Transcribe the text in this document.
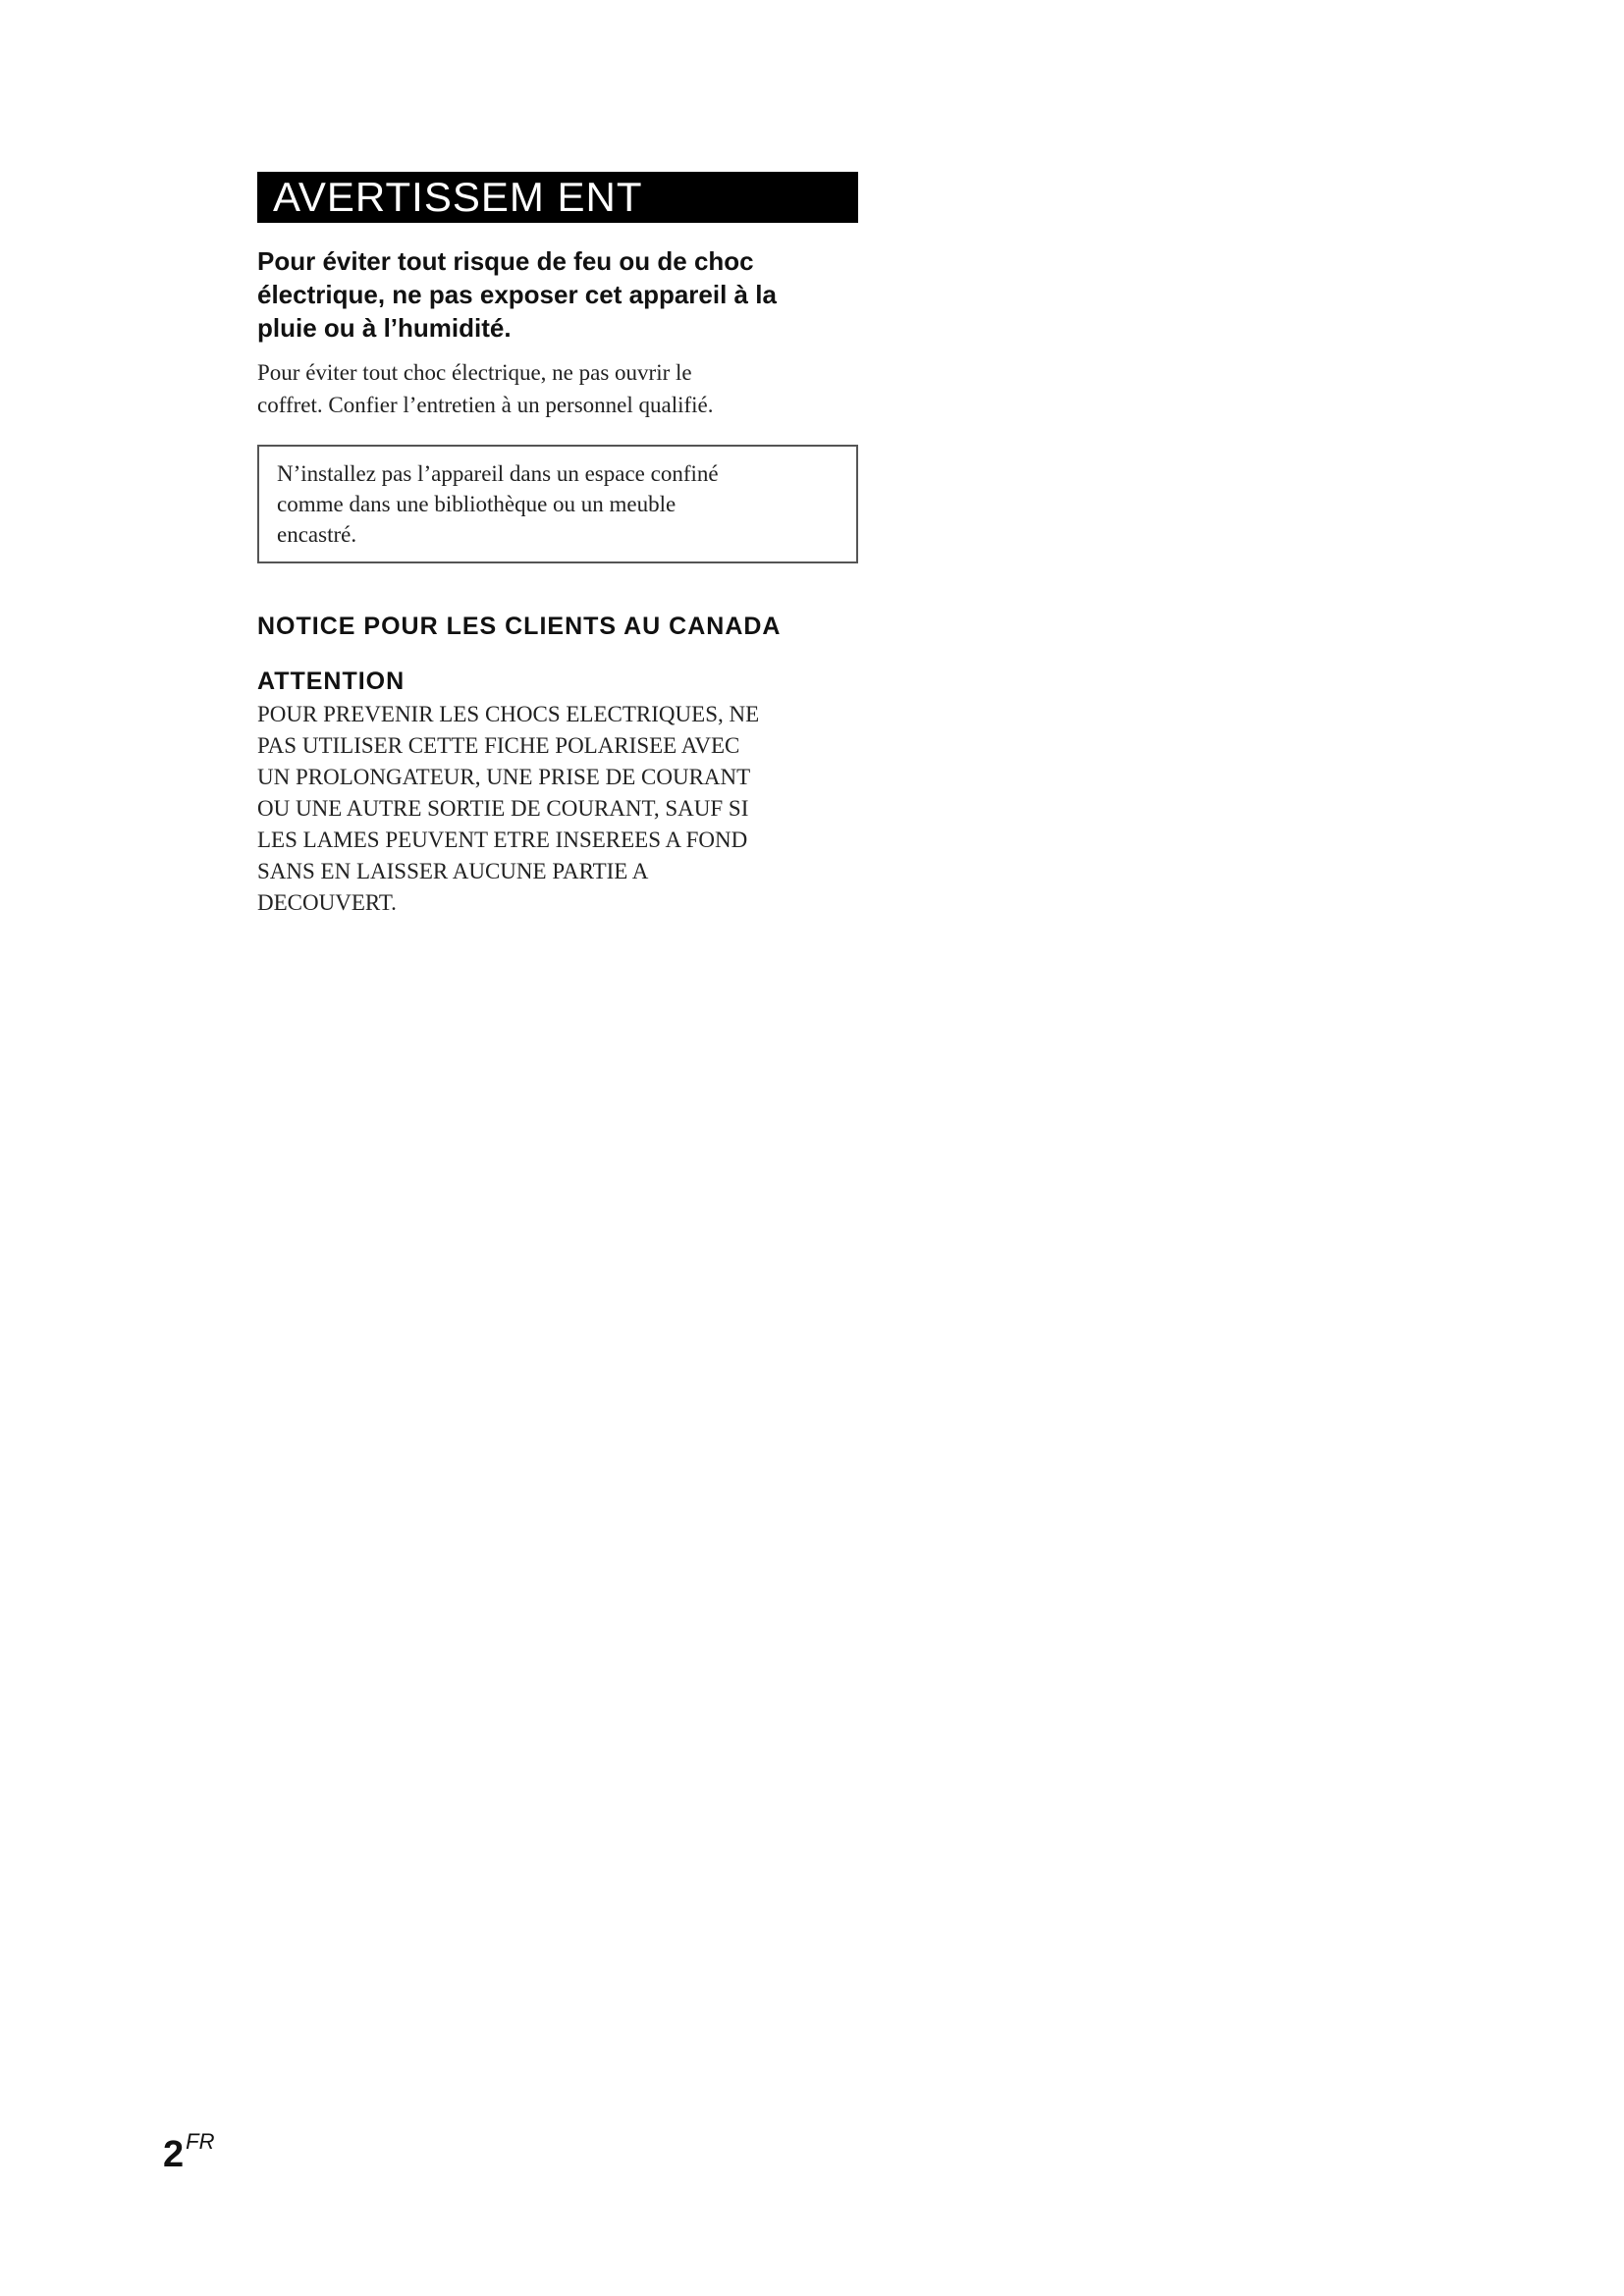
AVERTISSEM ENT
Pour éviter tout risque de feu ou de choc
électrique, ne pas exposer cet appareil à la
pluie ou à l’humidité.
Pour éviter tout choc électrique, ne pas ouvrir le
coffret. Confier l’entretien à un personnel qualifié.
N’installez pas l’appareil dans un espace confiné
comme dans une bibliothèque ou un meuble
encastré.
NOTICE POUR LES CLIENTS AU CANADA
ATTENTION
POUR PREVENIR LES CHOCS ELECTRIQUES, NE
PAS UTILISER CETTE FICHE POLARISEE AVEC
UN PROLONGATEUR, UNE PRISE DE COURANT
OU UNE AUTRE SORTIE DE COURANT, SAUF SI
LES LAMES PEUVENT ETRE INSEREES A FOND
SANS EN LAISSER AUCUNE PARTIE A
DECOUVERT.
$2^{FR}$
